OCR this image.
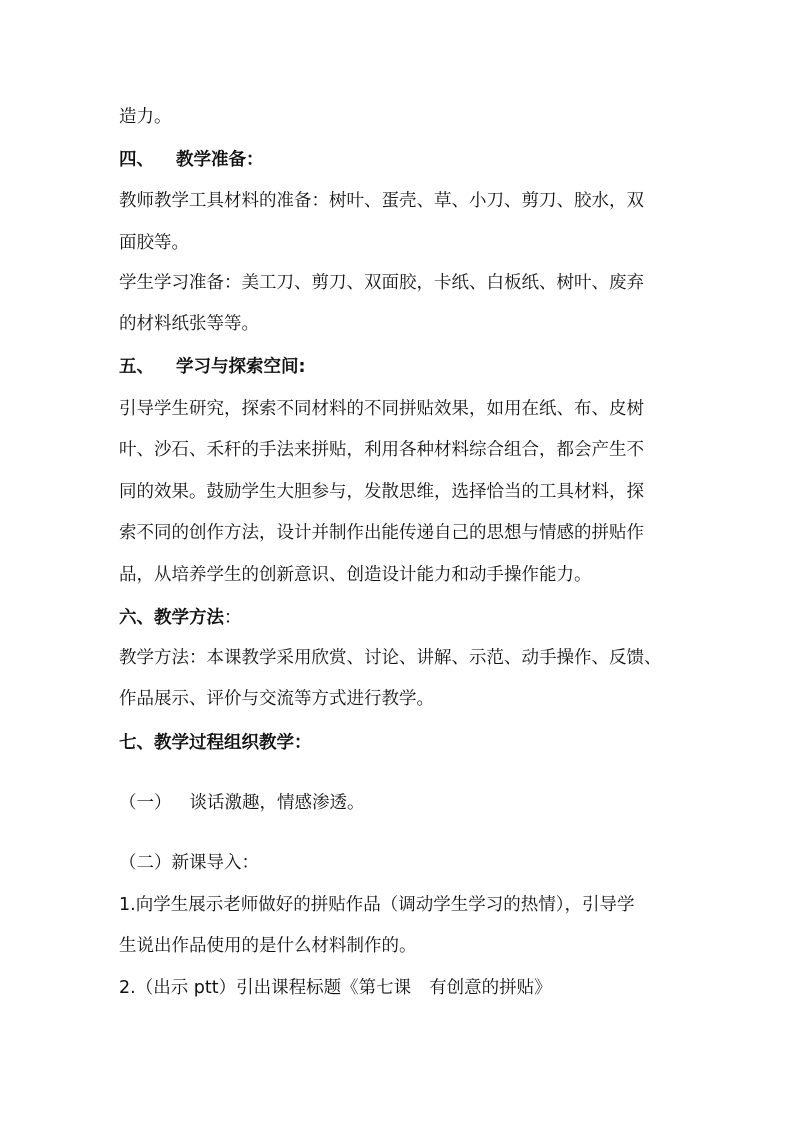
造力。

四、 教学准备：

教师教学工具材料的准备：树叶、蛋壳、草、小刀、剪刀、胶水，双

面胶等。

学生学习准备：美工刀、剪刀、双面胶，卡纸、白板纸、树叶、废弃

的材料纸张等等。

五、 学习与探索空间:

引导学生研究，探索不同材料的不同拼贴效果，如用在纸、布、皮树

叶、沙石、禾秆的手法来拼贴，利用各种材料综合组合，都会产生不

同的效果。鼓励学生大胆参与，发散思维，选择恰当的工具材料，探

索不同的创作方法，设计并制作出能传递自己的思想与情感的拼贴作

品，从培养学生的创新意识、创造设计能力和动手操作能力。

六、教学方法：

教学方法：本课教学采用欣赏、讨论、讲解、示范、动手操作、反馈、

作品展示、评价与交流等方式进行教学。

七、教学过程组织教学：

（一） 谈话激趣，情感渗透。

（二）新课导入：

1.向学生展示老师做好的拼贴作品（调动学生学习的热情），引导学

生说出作品使用的是什么材料制作的。

2.（出示 ptt）引出课程标题《第七课 有创意的拼贴》
